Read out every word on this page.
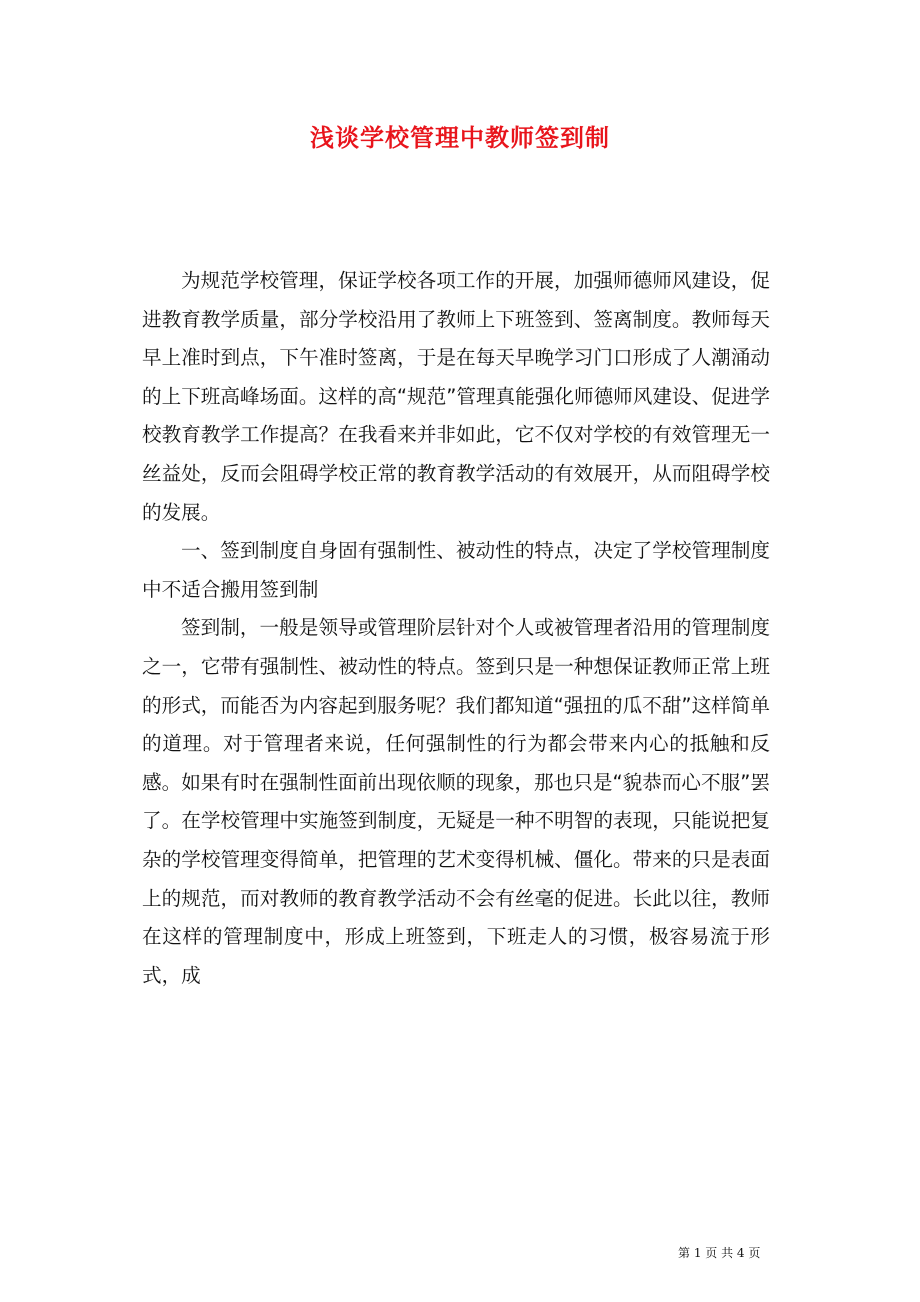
浅谈学校管理中教师签到制

为规范学校管理，保证学校各项工作的开展，加强师德师风建设，促进教育教学质量，部分学校沿用了教师上下班签到、签离制度。教师每天早上准时到点，下午准时签离，于是在每天早晚学习门口形成了人潮涌动的上下班高峰场面。这样的高“规范”管理真能强化师德师风建设、促进学校教育教学工作提高？在我看来并非如此，它不仅对学校的有效管理无一丝益处，反而会阻碍学校正常的教育教学活动的有效展开，从而阻碍学校的发展。

一、签到制度自身固有强制性、被动性的特点，决定了学校管理制度中不适合搬用签到制

签到制，一般是领导或管理阶层针对个人或被管理者沿用的管理制度之一，它带有强制性、被动性的特点。签到只是一种想保证教师正常上班的形式，而能否为内容起到服务呢？我们都知道“强扭的瓜不甜”这样简单的道理。对于管理者来说，任何强制性的行为都会带来内心的抵触和反感。如果有时在强制性面前出现依顺的现象，那也只是“貌恭而心不服”罢了。在学校管理中实施签到制度，无疑是一种不明智的表现，只能说把复杂的学校管理变得简单，把管理的艺术变得机械、僵化。带来的只是表面上的规范，而对教师的教育教学活动不会有丝毫的促进。长此以往，教师在这样的管理制度中，形成上班签到，下班走人的习惯，极容易流于形式，成

第 1 页 共 4 页
